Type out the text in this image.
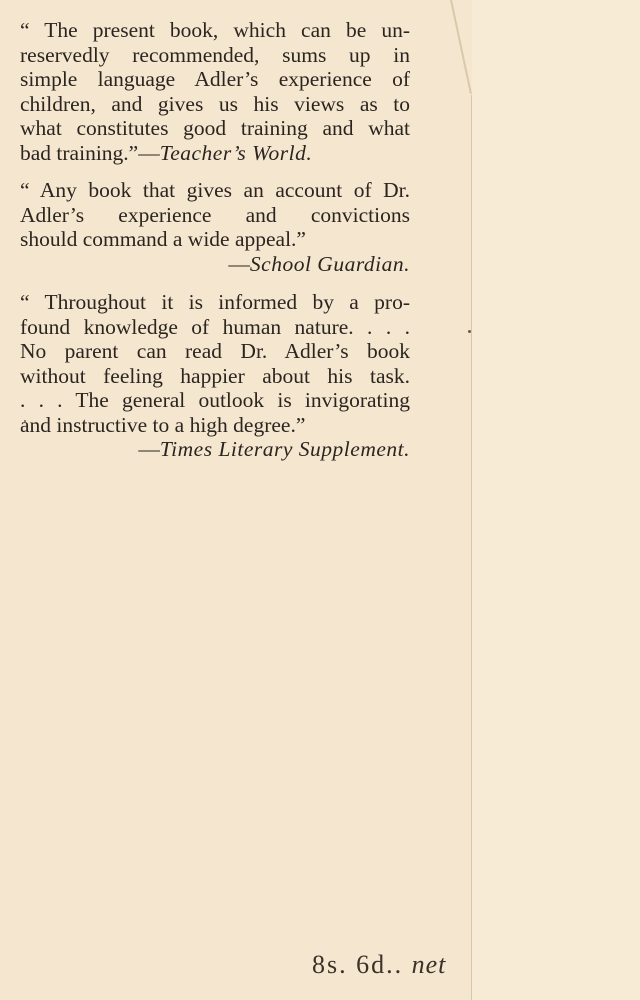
“ The present book, which can be un-
reservedly recommended, sums up in
simple language Adler’s experience of
children, and gives us his views as to
what constitutes good training and what
bad training.”—Teacher’s World.
“ Any book that gives an account of Dr.
Adler’s experience and convictions
should command a wide appeal.”
—School Guardian.
“ Throughout it is informed by a pro-
found knowledge of human nature. . . .
No parent can read Dr. Adler’s book
without feeling happier about his task.
. . . The general outlook is invigorating
and instructive to a high degree.”
—Times Literary Supplement.
8s. 6d.. net
